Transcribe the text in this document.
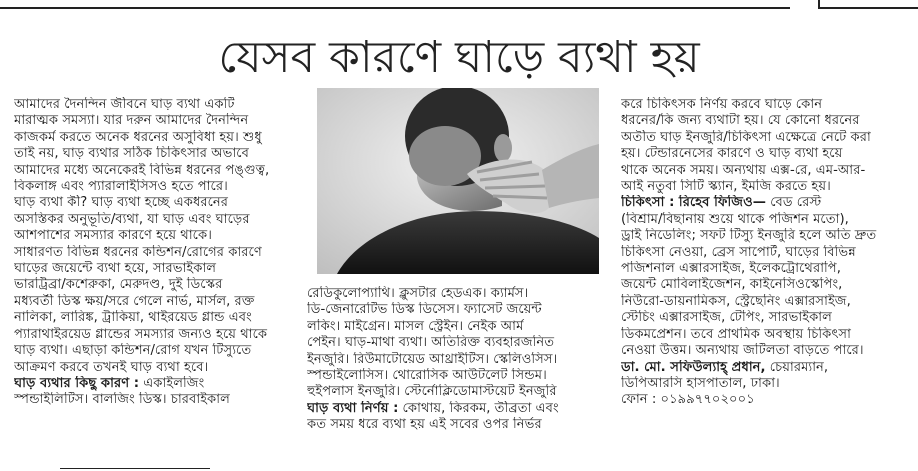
যেসব কারণে ঘাড়ে ব্যথা হয়
আমাদের দৈনন্দিন জীবনে ঘাড় ব্যথা একটি
মারাত্মক সমস্যা। যার দরুন আমাদের দৈনন্দিন
কাজকর্ম করতে অনেক ধরনের অসুবিধা হয়। শুধু
তাই নয়, ঘাড় ব্যথার সঠিক চিকিৎসার অভাবে
আমাদের মধ্যে অনেকেরই বিভিন্ন ধরনের পঙ্গুত্ব,
বিকলাঙ্গ এবং প্যারালাইসিসও হতে পারে।
ঘাড় ব্যথা কী? ঘাড় ব্যথা হচ্ছে একধরনের
অসস্তিকর অনুভূতি/ব্যথা, যা ঘাড় এবং ঘাড়ের
আশপাশের সমস্যার কারণে হয়ে থাকে।
সাধারণত বিভিন্ন ধরনের কন্ডিশন/রোগের কারণে
ঘাড়ের জয়েন্টে ব্যথা হয়ে, সারভাইকাল
ভারট্রিব্রা/কশেরুকা, মেরুদণ্ড, দুই ডিস্কের
মধ্যবর্তী ডিস্ক ক্ষয়/সরে গেলে নার্ভ, মার্সল, রক্ত
নালিকা, লারিঙ্ক, ট্রাকিয়া, থাইরয়েড গ্লান্ড এবং
প্যারাথাইরয়েড গ্লান্ডের সমস্যার জন্যও হয়ে থাকে
ঘাড় ব্যথা। এছাড়া কন্ডিশন/রোগ যখন টিস্যুতে
আক্রমণ করবে তখনই ঘাড় ব্যথা হবে।
ঘাড় ব্যথার কিছু কারণ : একাইলজিং
স্পন্ডাইলিটিস। বালজিং ডিস্ক। চারবাইকাল
রেডিকুলোপ্যাথি। ক্লুসটার হেডএক। ক্যার্মস।
ডি-জেনারেটিভ ডিস্ক ডিসেস। ফ্যাসেট জয়েন্ট
লকিং। মাইগ্রেন। মাসল স্ট্রেইন। নেইক আর্ম
পেইন। ঘাড়-মাথা ব্যথা। অতিরিক্ত ব্যবহারজনিত
ইনজুরি। রিউমাটোয়েড আথ্রাইটিস। স্কেলিওসিস।
স্পন্ডাইলোসিস। থোরোসিক আউটলেট সিন্ডম।
হুইপলাস ইনজুরি। স্টের্নোক্লিডোমাস্টয়েট ইনজুরি
ঘাড় ব্যথা নির্ণয় : কোথায়, কিরকম, তীব্রতা এবং
কত সময় ধরে ব্যথা হয় এই সবের ওপর নির্ভর
করে চিকিৎসক নির্ণয় করবে ঘাড়ে কোন
ধরনের/কি জন্য ব্যথাটা হয়। যে কোনো ধরনের
অতীত ঘাড় ইনজুরি/চিকিৎসা এক্ষেত্রে নেটে করা
হয়। টেন্ডারনেসের কারণে ও ঘাড় ব্যথা হয়ে
থাকে অনেক সময়। অন্যথায় এক্স-রে, এম-আর-
আই নতুবা সিটি স্ক্যান, ইমজি করতে হয়।
চিকিৎসা : রিহেব ফিজিও— বেড রেস্ট
(বিশ্রাম/বিছানায় শুয়ে থাকে পজিশন মতো),
ড্রাই নিডেলিং; সফট টিস্যু ইনজুরি হলে অতি দ্রুত
চিকিৎসা নেওয়া, ব্রেস সাপোর্ট, ঘাড়ের বিভিন্ন
পজিশনাল এক্সারসাইজ, ইলেকট্রোথেরাপি,
জয়েন্ট মোবিলাইজেশন, কাইনেসিওস্কেপিং,
নিউরো-ডায়নামিকস, স্ট্রেছেনিং এক্সারসাইজ,
স্টেচিং এক্সারসাইজ, টেপিং, সারভাইকাল
ডিকমপ্রেশন। তবে প্রাথমিক অবস্থায় চিকিৎসা
নেওয়া উত্তম। অন্যথায় জটিলতা বাড়তে পারে।
ডা. মো. সফিউল্যাহ্ প্রধান, চেয়ারম্যান,
ডিপিআরসি হাসপাতাল, ঢাকা।
ফোন : ০১৯৯৭৭০২০০১
